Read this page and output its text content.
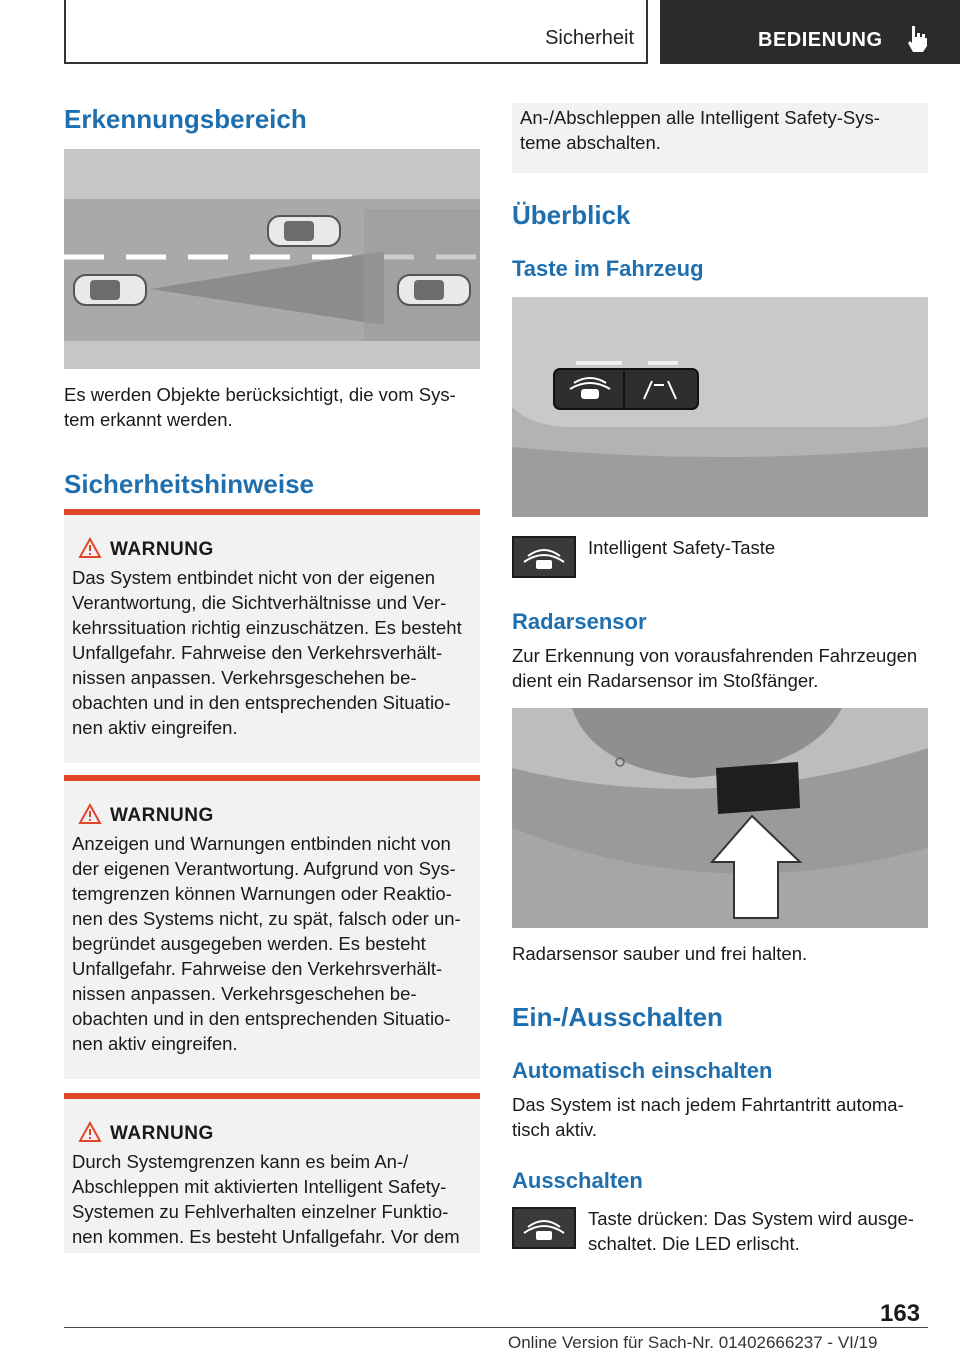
Sicherheit	BEDIENUNG
Erkennungsbereich
Es werden Objekte berücksichtigt, die vom Sys-
tem erkannt werden.
Sicherheitshinweise
WARNUNG
Das System entbindet nicht von der eigenen
Verantwortung, die Sichtverhältnisse und Ver-
kehrssituation richtig einzuschätzen. Es besteht
Unfallgefahr. Fahrweise den Verkehrsverhält-
nissen anpassen. Verkehrsgeschehen be-
obachten und in den entsprechenden Situatio-
nen aktiv eingreifen.
WARNUNG
Anzeigen und Warnungen entbinden nicht von
der eigenen Verantwortung. Aufgrund von Sys-
temgrenzen können Warnungen oder Reaktio-
nen des Systems nicht, zu spät, falsch oder un-
begründet ausgegeben werden. Es besteht
Unfallgefahr. Fahrweise den Verkehrsverhält-
nissen anpassen. Verkehrsgeschehen be-
obachten und in den entsprechenden Situatio-
nen aktiv eingreifen.
WARNUNG
Durch Systemgrenzen kann es beim An-/
Abschleppen mit aktivierten Intelligent Safety-
Systemen zu Fehlverhalten einzelner Funktio-
nen kommen. Es besteht Unfallgefahr. Vor dem
An-/Abschleppen alle Intelligent Safety-Sys-
teme abschalten.
Überblick
Taste im Fahrzeug
Intelligent Safety-Taste
Radarsensor
Zur Erkennung von vorausfahrenden Fahrzeugen
dient ein Radarsensor im Stoßfänger.
Radarsensor sauber und frei halten.
Ein-/Ausschalten
Automatisch einschalten
Das System ist nach jedem Fahrtantritt automa-
tisch aktiv.
Ausschalten
Taste drücken: Das System wird ausge-
schaltet. Die LED erlischt.
163
Online Version für Sach-Nr. 01402666237 - VI/19
